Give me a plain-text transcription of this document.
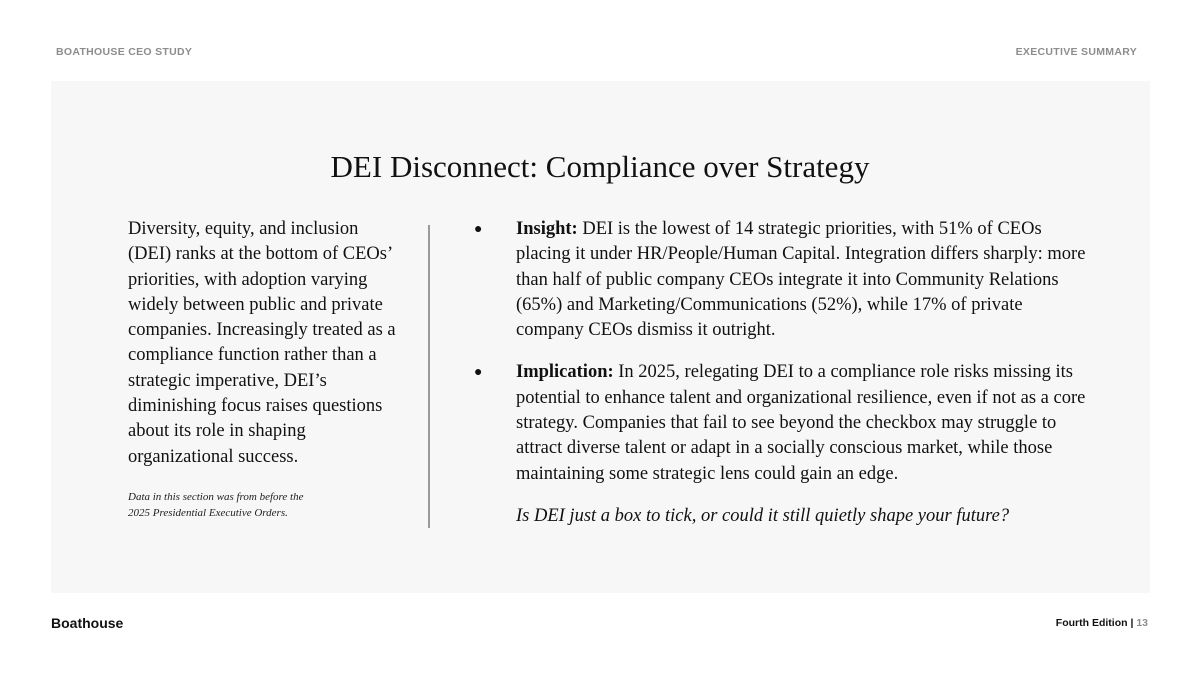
BOATHOUSE CEO STUDY	EXECUTIVE SUMMARY
DEI Disconnect: Compliance over Strategy

Diversity, equity, and inclusion (DEI) ranks at the bottom of CEOs’ priorities, with adoption varying widely between public and private companies. Increasingly treated as a compliance function rather than a strategic imperative, DEI’s diminishing focus raises questions about its role in shaping organizational success.

Data in this section was from before the
2025 Presidential Executive Orders.

● Insight: DEI is the lowest of 14 strategic priorities, with 51% of CEOs placing it under HR/People/Human Capital. Integration differs sharply: more than half of public company CEOs integrate it into Community Relations (65%) and Marketing/Communications (52%), while 17% of private company CEOs dismiss it outright.

● Implication: In 2025, relegating DEI to a compliance role risks missing its potential to enhance talent and organizational resilience, even if not as a core strategy. Companies that fail to see beyond the checkbox may struggle to attract diverse talent or adapt in a socially conscious market, while those maintaining some strategic lens could gain an edge.

Is DEI just a box to tick, or could it still quietly shape your future?

Boathouse	Fourth Edition | 13
